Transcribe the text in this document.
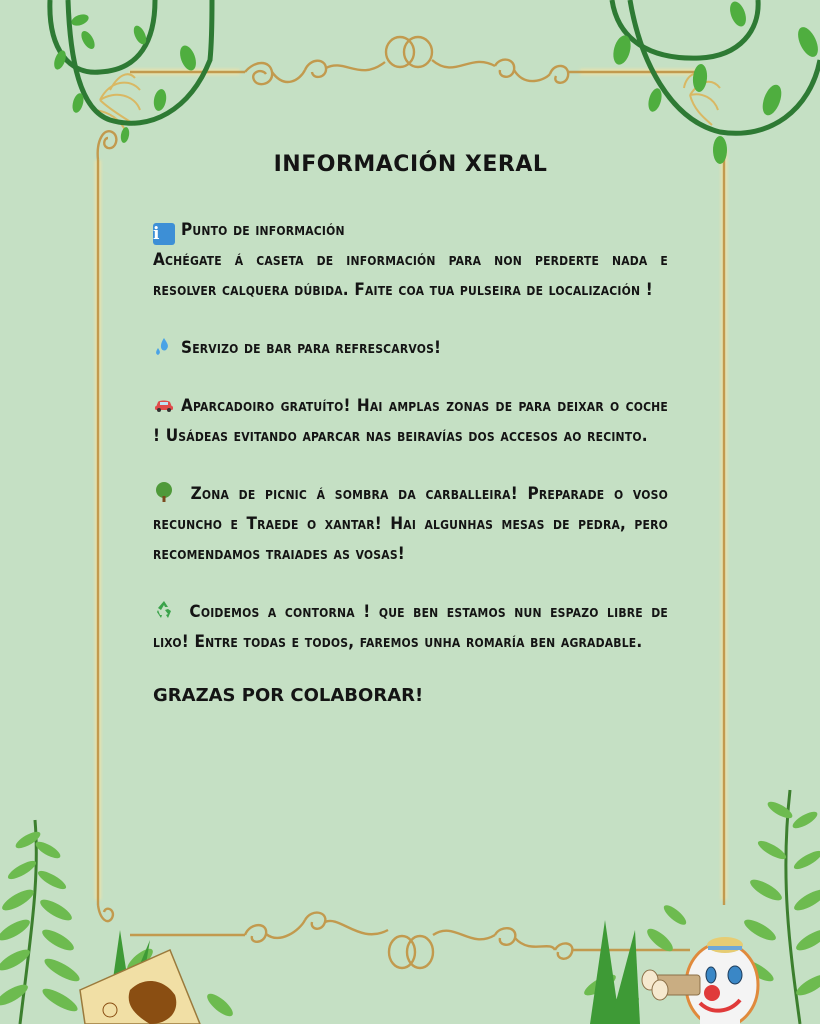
INFORMACIÓN XERAL
i Punto de información
Achégate á caseta de información para non perderte nada e resolver calquera dúbida. Faite coa tua pulseira de localización !
Servizo de bar para refrescarvos!
Aparcadoiro gratuíto! Hai amplas zonas de para deixar o coche ! Usádeas evitando aparcar nas beiravías dos accesos ao recinto.
Zona de picnic á sombra da carballeira! Preparade o voso recuncho e Traede o xantar! Hai algunhas mesas de pedra, pero recomendamos traiades as vosas!
Coidemos a contorna ! que ben estamos nun espazo libre de lixo! Entre todas e todos, faremos unha romaría ben agradable.
GRAZAS POR COLABORAR!
